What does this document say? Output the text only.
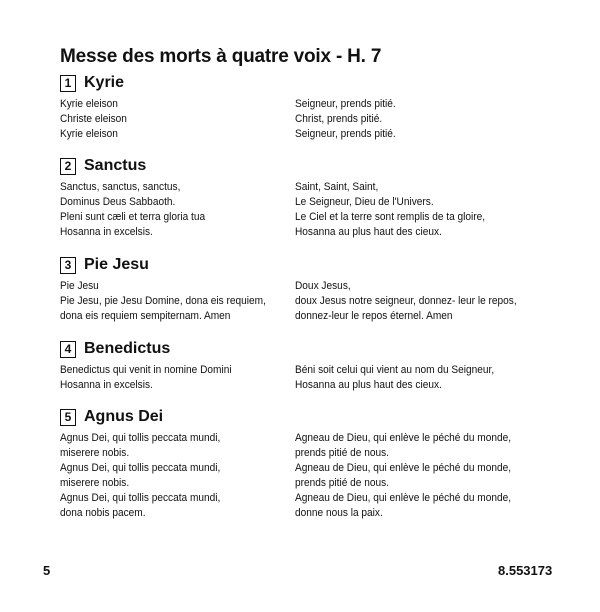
Messe des morts à quatre voix - H. 7
1 Kyrie
Kyrie eleison
Christe eleison
Kyrie eleison
Seigneur, prends pitié.
Christ, prends pitié.
Seigneur, prends pitié.
2 Sanctus
Sanctus, sanctus, sanctus,
Dominus Deus Sabbaoth.
Pleni sunt cæli et terra gloria tua
Hosanna in excelsis.
Saint, Saint, Saint,
Le Seigneur, Dieu de l'Univers.
Le Ciel et la terre sont remplis de ta gloire,
Hosanna au plus haut des cieux.
3 Pie Jesu
Pie Jesu
Pie Jesu, pie Jesu Domine, dona eis requiem,
dona eis requiem sempiternam. Amen
Doux Jesus,
doux Jesus notre seigneur, donnez- leur le repos,
donnez-leur le repos éternel. Amen
4 Benedictus
Benedictus qui venit in nomine Domini
Hosanna in excelsis.
Béni soit celui qui vient au nom du Seigneur,
Hosanna au plus haut des cieux.
5 Agnus Dei
Agnus Dei, qui tollis peccata mundi,
miserere nobis.
Agnus Dei, qui tollis peccata mundi,
miserere nobis.
Agnus Dei, qui tollis peccata mundi,
dona nobis pacem.
Agneau de Dieu, qui enlève le péché du monde,
prends pitié de nous.
Agneau de Dieu, qui enlève le péché du monde,
prends pitié de nous.
Agneau de Dieu, qui enlève le péché du monde,
donne nous la paix.
5	8.553173
